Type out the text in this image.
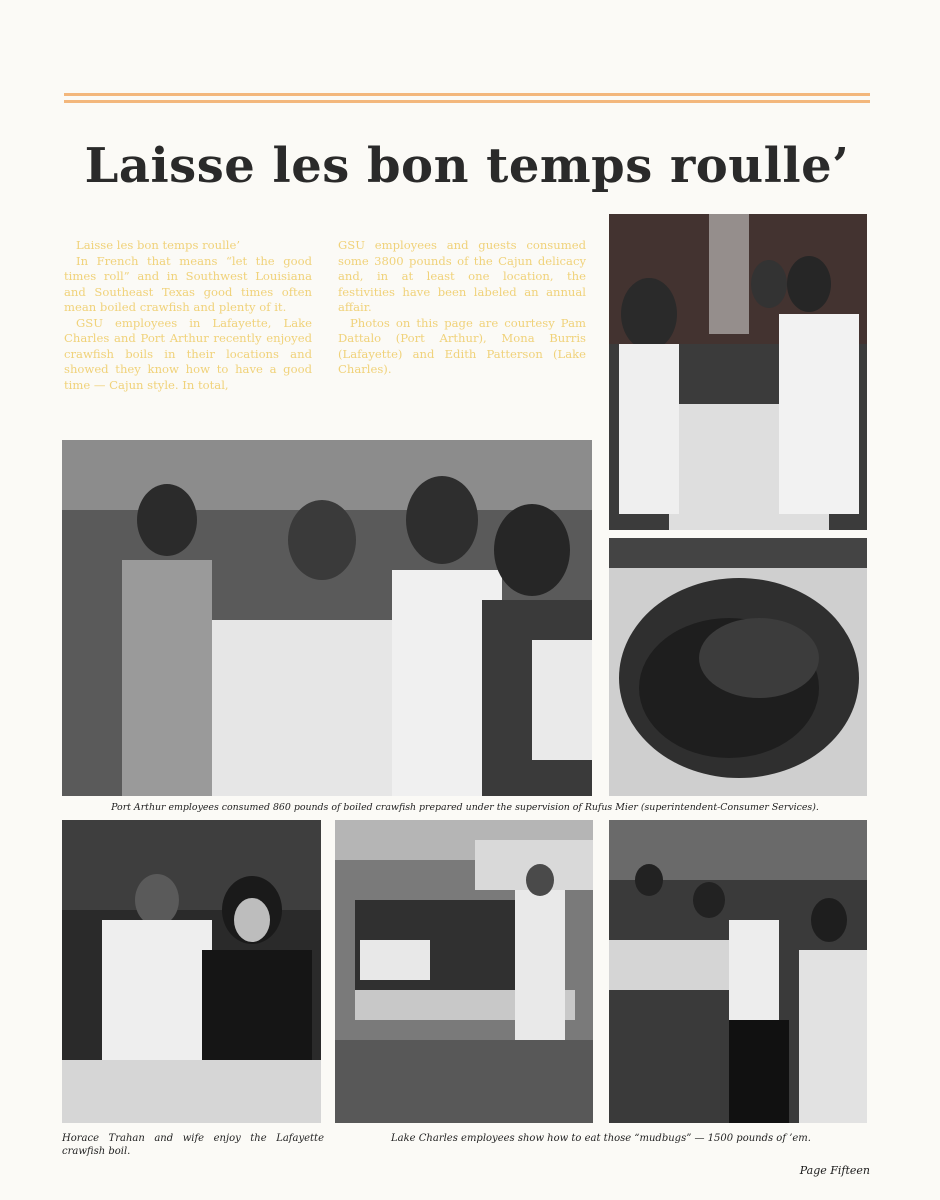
Laisse les bon temps roulle’

Laisse les bon temps roulle’

In French that means “let the good times roll” and in Southwest Louisiana and Southeast Texas good times often mean boiled crawfish and plenty of it.

GSU employees in Lafayette, Lake Charles and Port Arthur recently enjoyed crawfish boils in their locations and showed they know how to have a good time — Cajun style. In total,

GSU employees and guests consumed some 3800 pounds of the Cajun delicacy and, in at least one location, the festivities have been labeled an annual affair.

Photos on this page are courtesy Pam Dattalo (Port Arthur), Mona Burris (Lafayette) and Edith Patterson (Lake Charles).

Port Arthur employees consumed 860 pounds of boiled crawfish prepared under the supervision of Rufus Mier (superintendent-Consumer Services).

Horace Trahan and wife enjoy the Lafayette crawfish boil.

Lake Charles employees show how to eat those “mudbugs” — 1500 pounds of ’em.

Page Fifteen
